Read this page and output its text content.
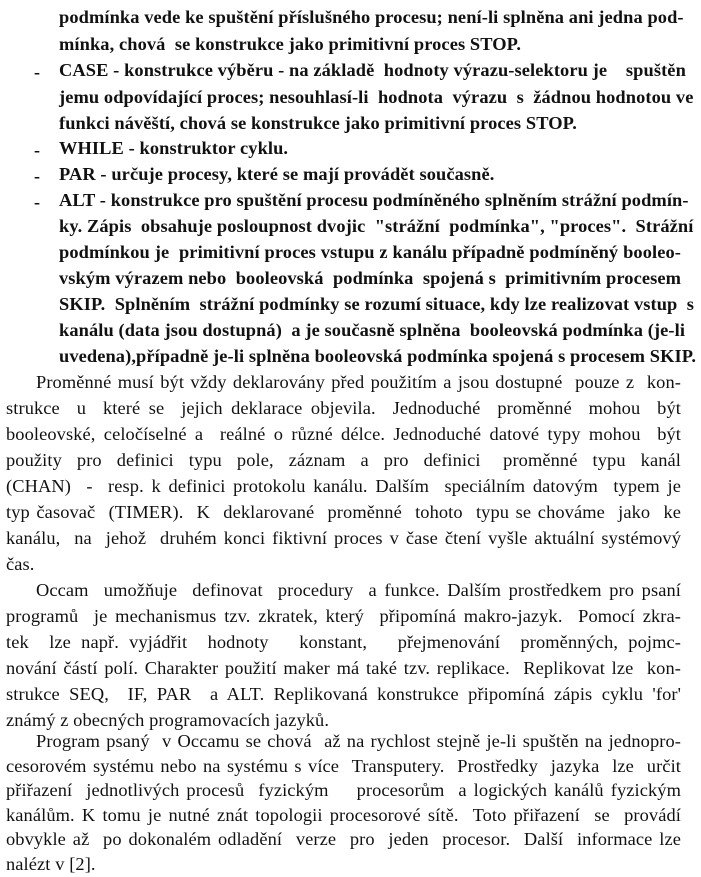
podmínka vede ke spuštění příslušného procesu; není-li splněna ani jedna pod-
mínka, chová  se konstrukce jako primitivní proces STOP.
- CASE - konstrukce výběru - na základě  hodnoty výrazu-selektoru je    spuštěn
jemu odpovídající proces; nesouhlasí-li  hodnota  výrazu  s  žádnou hodnotou ve
funkci návěští, chová se konstrukce jako primitivní proces STOP.
- WHILE - konstruktor cyklu.
- PAR - určuje procesy, které se mají provádět současně.
- ALT - konstrukce pro spuštění procesu podmíněného splněním strážní podmín-
ky. Zápis  obsahuje posloupnost dvojic  "strážní  podmínka", "proces".  Strážní
podmínkou je  primitivní proces vstupu z kanálu případně podmíněný booleo-
vským výrazem nebo  booleovská  podmínka  spojená s  primitivním procesem
SKIP.  Splněním  strážní podmínky se rozumí situace, kdy lze realizovat vstup  s
kanálu (data jsou dostupná)  a je současně splněna  booleovská podmínka (je-li
uvedena),případně je-li splněna booleovská podmínka spojená s procesem SKIP.
Proměnné musí být vždy deklarovány před použitím a jsou dostupné  pouze z  kon-
strukce  u  které se  jejich deklarace objevila.  Jednoduché  proměnné  mohou  být
booleovské, celočíselné a  reálné o různé délce. Jednoduché datové typy mohou  být
použity  pro  definici  typu  pole,  záznam  a  pro  definici   proměnné  typu  kanál
(CHAN)  -  resp. k definici protokolu kanálu. Dalším  speciálním datovým  typem je
typ časovač  (TIMER).  K  deklarované  proměnné  tohoto  typu se chováme  jako  ke
kanálu,  na  jehož  druhém konci fiktivní proces v čase čtení vyšle aktuální systémový
čas.
Occam  umožňuje  definovat  procedury  a funkce. Dalším prostředkem pro psaní
programů  je mechanismus tzv. zkratek, který  připomíná makro-jazyk.  Pomocí zkra-
tek  lze např. vyjádřit  hodnoty   konstant,   přejmenování  proměnných, pojmc-
nování částí polí. Charakter použití maker má také tzv. replikace.  Replikovat lze  kon-
strukce SEQ,  IF, PAR  a ALT. Replikovaná konstrukce připomíná zápis cyklu 'for'
známý z obecných programovacích jazyků.
Program psaný  v Occamu se chová  až na rychlost stejně je-li spuštěn na jednopro-
cesorovém systému nebo na systému s více  Transputery.  Prostředky  jazyka  lze  určit
přiřazení  jednotlivých procesů  fyzickým    procesorům  a logických kanálů fyzickým
kanálům. K tomu je nutné znát topologii procesorové sítě.  Toto přiřazení  se  provádí
obvykle až  po dokonalém odladění  verze  pro  jeden  procesor.  Další  informace lze
nalézt v [2].
